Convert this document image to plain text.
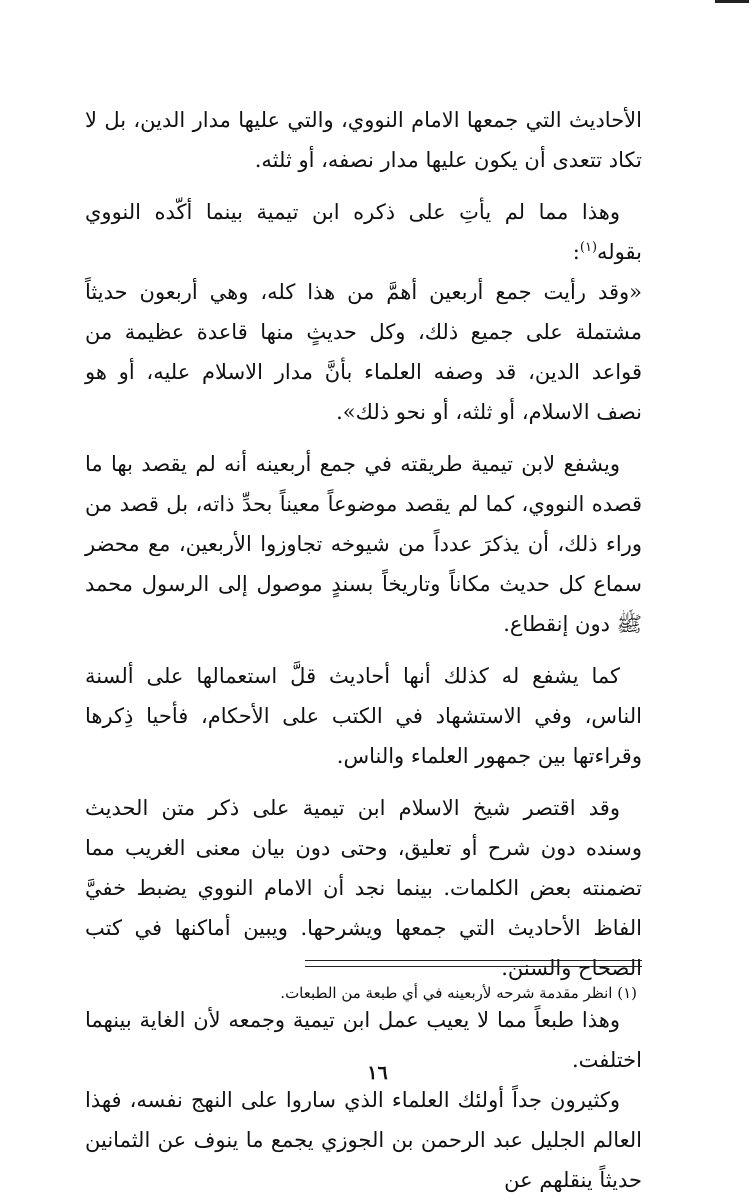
الأحاديث التي جمعها الامام النووي، والتي عليها مدار الدين، بل لا تكاد تتعدى أن يكون عليها مدار نصفه، أو ثلثه.

وهذا مما لم يأتِ على ذكره ابن تيمية بينما أكّده النووي بقوله$^{(١)}$:

«وقد رأيت جمع أربعين أهمَّ من هذا كله، وهي أربعون حديثاً مشتملة على جميع ذلك، وكل حديثٍ منها قاعدة عظيمة من قواعد الدين، قد وصفه العلماء بأنَّ مدار الاسلام عليه، أو هو نصف الاسلام، أو ثلثه، أو نحو ذلك».

ويشفع لابن تيمية طريقته في جمع أربعينه أنه لم يقصد بها ما قصده النووي، كما لم يقصد موضوعاً معيناً بحدِّ ذاته، بل قصد من وراء ذلك، أن يذكرَ عدداً من شيوخه تجاوزوا الأربعين، مع محضر سماع كل حديث مكاناً وتاريخاً بسندٍ موصول إلى الرسول محمد ﷺ دون إنقطاع.

كما يشفع له كذلك أنها أحاديث قلَّ استعمالها على ألسنة الناس، وفي الاستشهاد في الكتب على الأحكام، فأحيا ذِكرها وقراءتها بين جمهور العلماء والناس.

وقد اقتصر شيخ الاسلام ابن تيمية على ذكر متن الحديث وسنده دون شرح أو تعليق، وحتى دون بيان معنى الغريب مما تضمنته بعض الكلمات. بينما نجد أن الامام النووي يضبط خفيَّ الفاظ الأحاديث التي جمعها ويشرحها. ويبين أماكنها في كتب الصحاح والسنن.

وهذا طبعاً مما لا يعيب عمل ابن تيمية وجمعه لأن الغاية بينهما اختلفت.

وكثيرون جداً أولئك العلماء الذي ساروا على النهج نفسه، فهذا العالم الجليل عبد الرحمن بن الجوزي يجمع ما ينوف عن الثمانين حديثاً ينقلهم عن

(١) انظر مقدمة شرحه لأربعينه في أي طبعة من الطبعات.
١٦
